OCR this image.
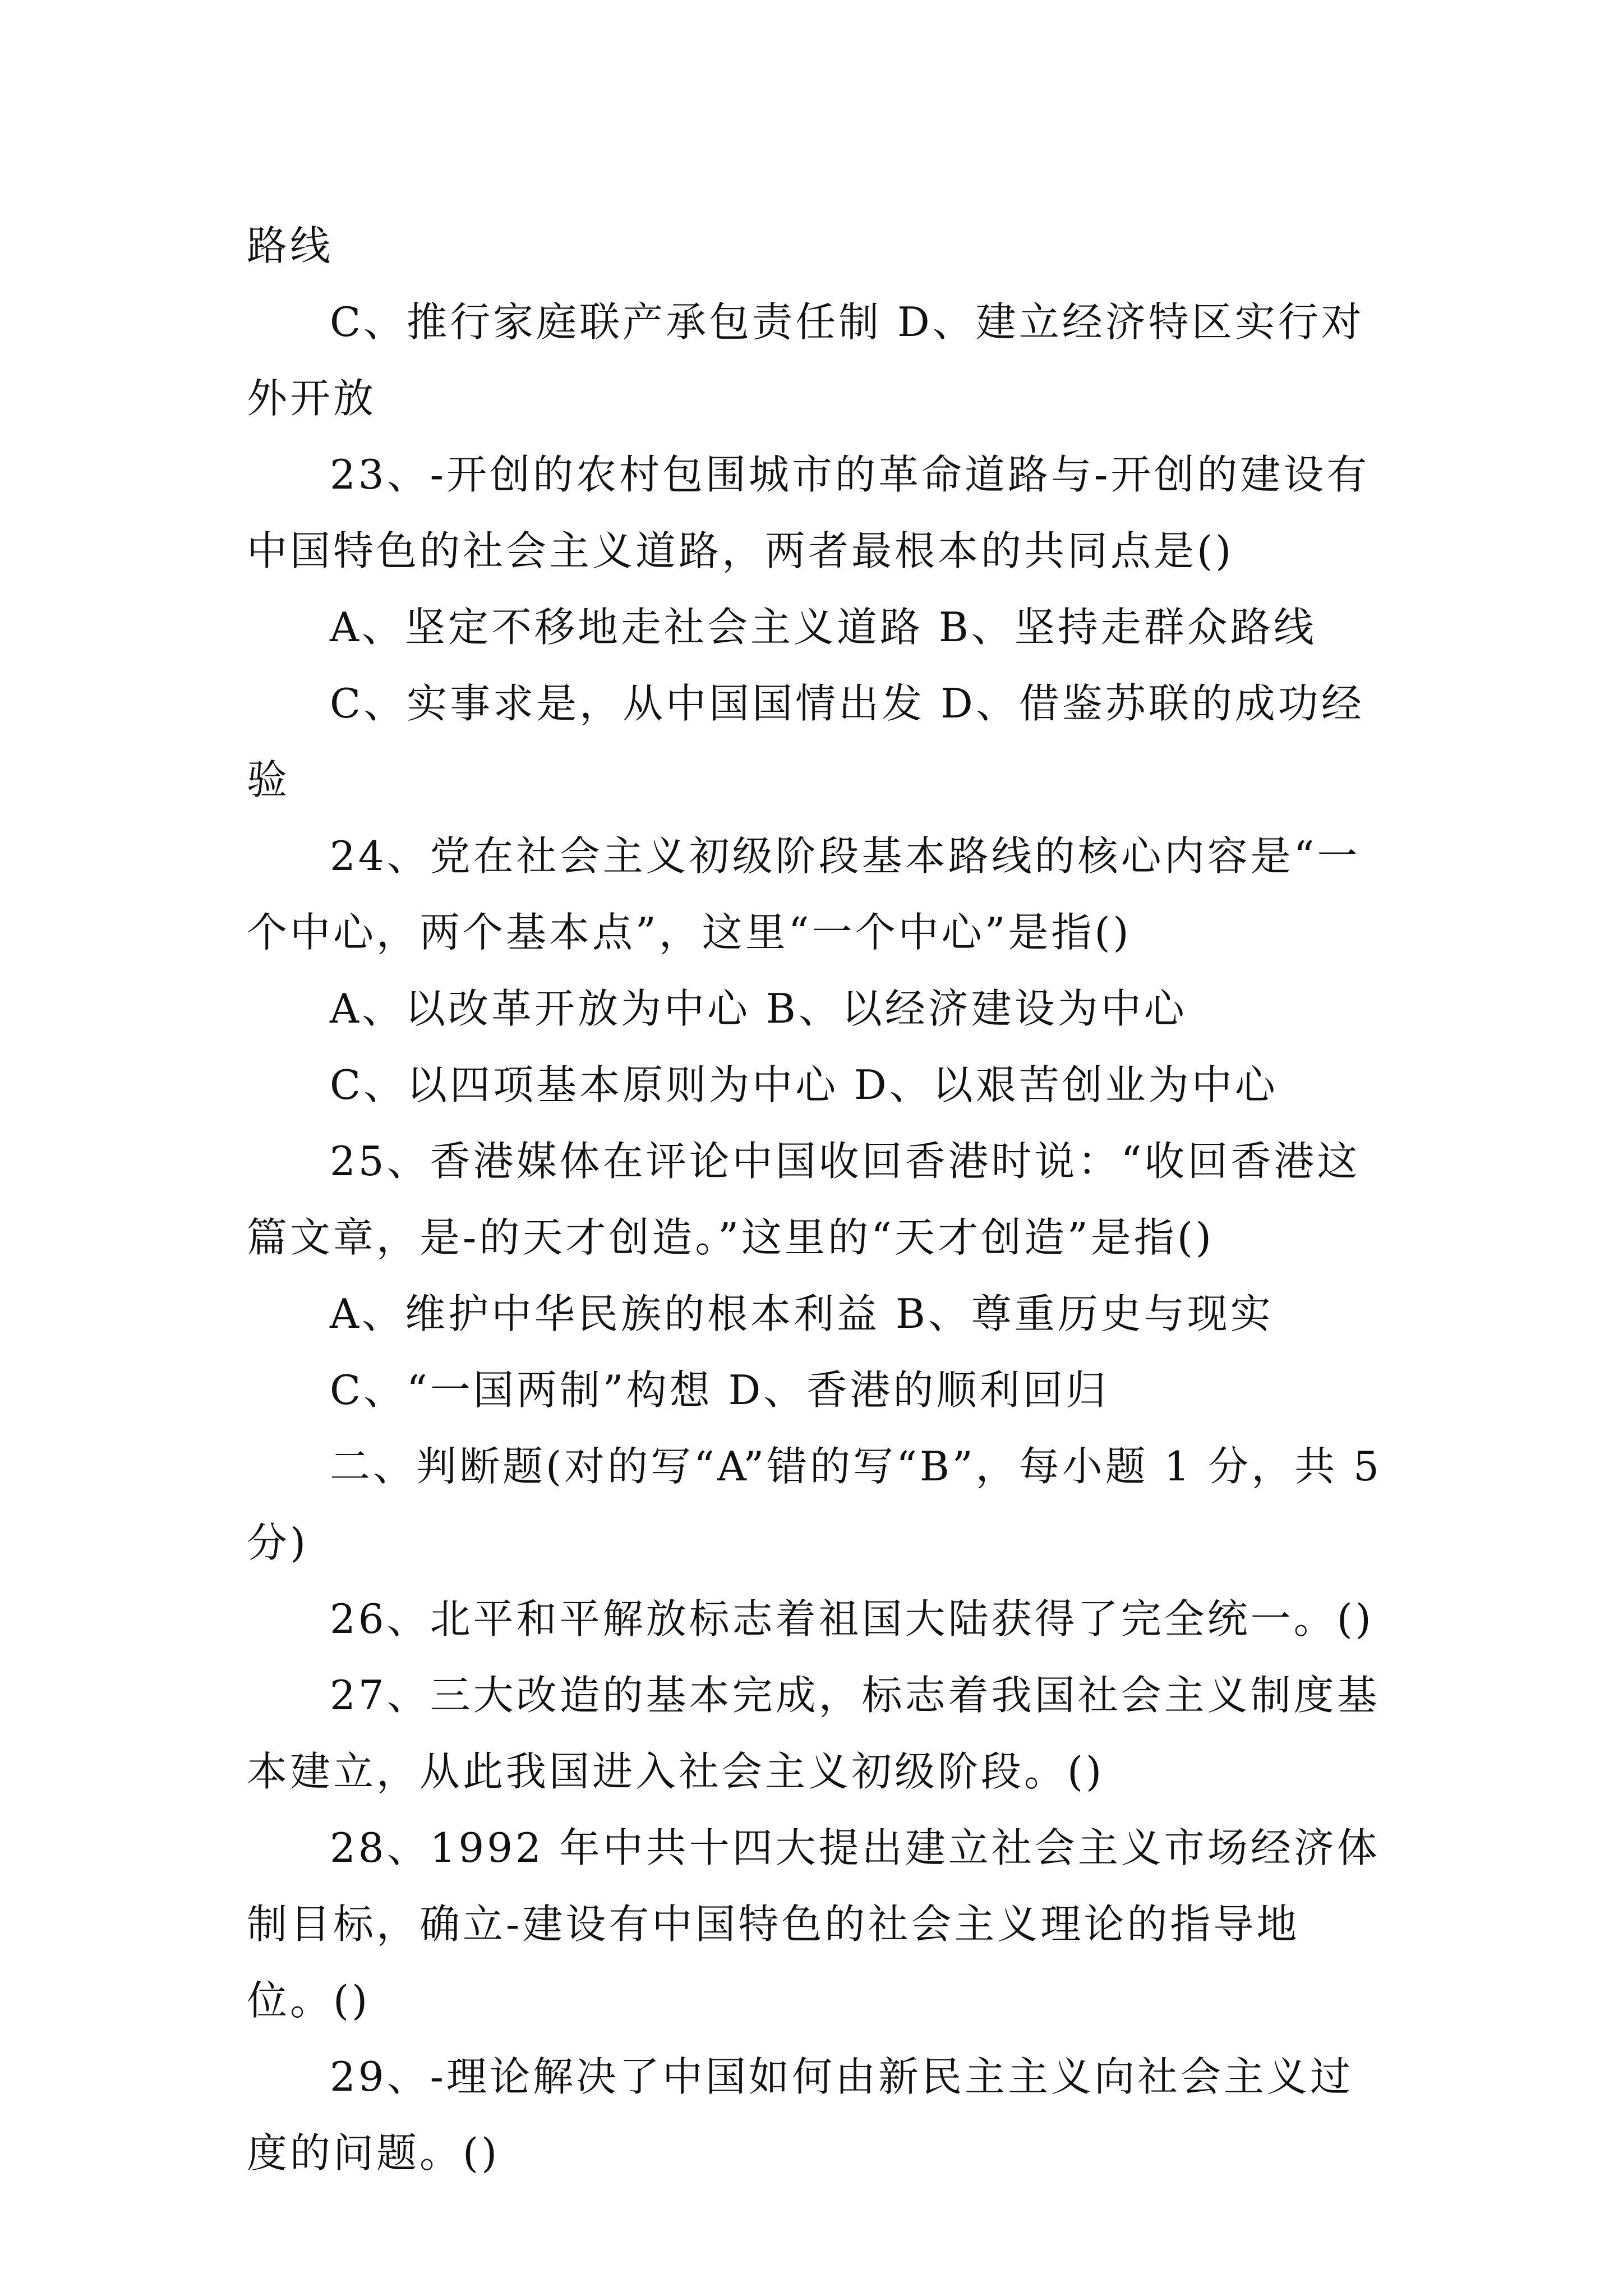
路线

C、推行家庭联产承包责任制 D、建立经济特区实行对外开放

23、-开创的农村包围城市的革命道路与-开创的建设有中国特色的社会主义道路，两者最根本的共同点是()

A、坚定不移地走社会主义道路 B、坚持走群众路线

C、实事求是，从中国国情出发 D、借鉴苏联的成功经验

24、党在社会主义初级阶段基本路线的核心内容是“一个中心，两个基本点”，这里“一个中心”是指()

A、以改革开放为中心 B、以经济建设为中心

C、以四项基本原则为中心 D、以艰苦创业为中心

25、香港媒体在评论中国收回香港时说：“收回香港这篇文章，是-的天才创造。”这里的“天才创造”是指()

A、维护中华民族的根本利益 B、尊重历史与现实

C、“一国两制”构想 D、香港的顺利回归

二、判断题(对的写“A”错的写“B”，每小题 1 分，共 5 分)

26、北平和平解放标志着祖国大陆获得了完全统一。()

27、三大改造的基本完成，标志着我国社会主义制度基本建立，从此我国进入社会主义初级阶段。()

28、1992 年中共十四大提出建立社会主义市场经济体制目标，确立-建设有中国特色的社会主义理论的指导地位。()

29、-理论解决了中国如何由新民主主义向社会主义过度的问题。()
